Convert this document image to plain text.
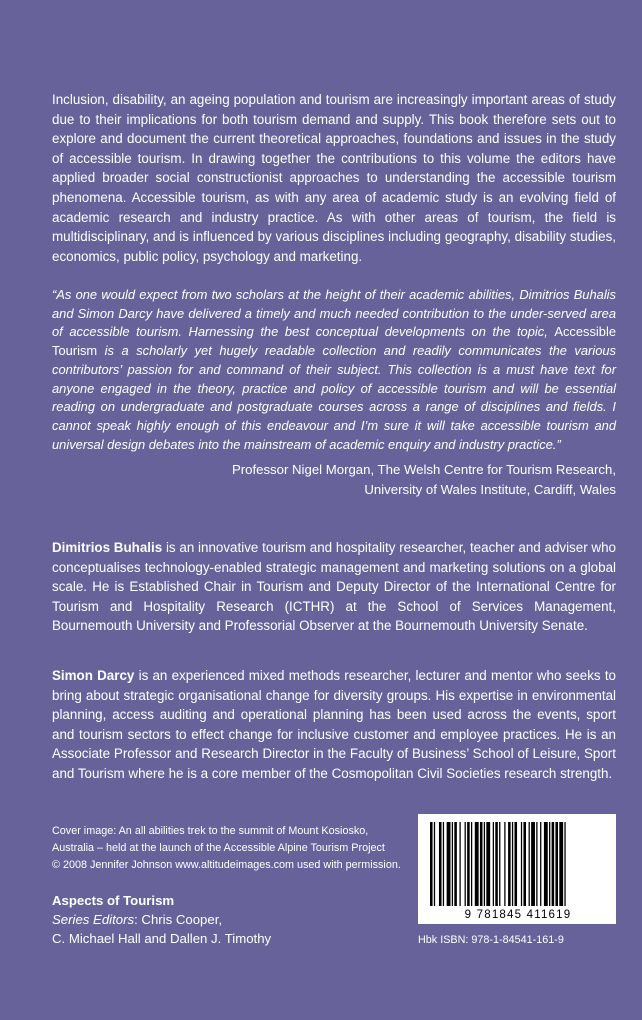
Inclusion, disability, an ageing population and tourism are increasingly important areas of study due to their implications for both tourism demand and supply. This book therefore sets out to explore and document the current theoretical approaches, foundations and issues in the study of accessible tourism. In drawing together the contributions to this volume the editors have applied broader social constructionist approaches to understanding the accessible tourism phenomena. Accessible tourism, as with any area of academic study is an evolving field of academic research and industry practice. As with other areas of tourism, the field is multidisciplinary, and is influenced by various disciplines including geography, disability studies, economics, public policy, psychology and marketing.

“As one would expect from two scholars at the height of their academic abilities, Dimitrios Buhalis and Simon Darcy have delivered a timely and much needed contribution to the under-served area of accessible tourism. Harnessing the best conceptual developments on the topic, Accessible Tourism is a scholarly yet hugely readable collection and readily communicates the various contributors’ passion for and command of their subject. This collection is a must have text for anyone engaged in the theory, practice and policy of accessible tourism and will be essential reading on undergraduate and postgraduate courses across a range of disciplines and fields. I cannot speak highly enough of this endeavour and I’m sure it will take accessible tourism and universal design debates into the mainstream of academic enquiry and industry practice.”

Professor Nigel Morgan, The Welsh Centre for Tourism Research,
University of Wales Institute, Cardiff, Wales

Dimitrios Buhalis is an innovative tourism and hospitality researcher, teacher and adviser who conceptualises technology-enabled strategic management and marketing solutions on a global scale. He is Established Chair in Tourism and Deputy Director of the International Centre for Tourism and Hospitality Research (ICTHR) at the School of Services Management, Bournemouth University and Professorial Observer at the Bournemouth University Senate.

Simon Darcy is an experienced mixed methods researcher, lecturer and mentor who seeks to bring about strategic organisational change for diversity groups. His expertise in environmental planning, access auditing and operational planning has been used across the events, sport and tourism sectors to effect change for inclusive customer and employee practices. He is an Associate Professor and Research Director in the Faculty of Business’ School of Leisure, Sport and Tourism where he is a core member of the Cosmopolitan Civil Societies research strength.

Cover image: An all abilities trek to the summit of Mount Kosiosko,
Australia – held at the launch of the Accessible Alpine Tourism Project
© 2008 Jennifer Johnson www.altitudeimages.com used with permission.
Aspects of Tourism
Series Editors: Chris Cooper,
C. Michael Hall and Dallen J. Timothy
9 781845 411619
Hbk ISBN: 978-1-84541-161-9
